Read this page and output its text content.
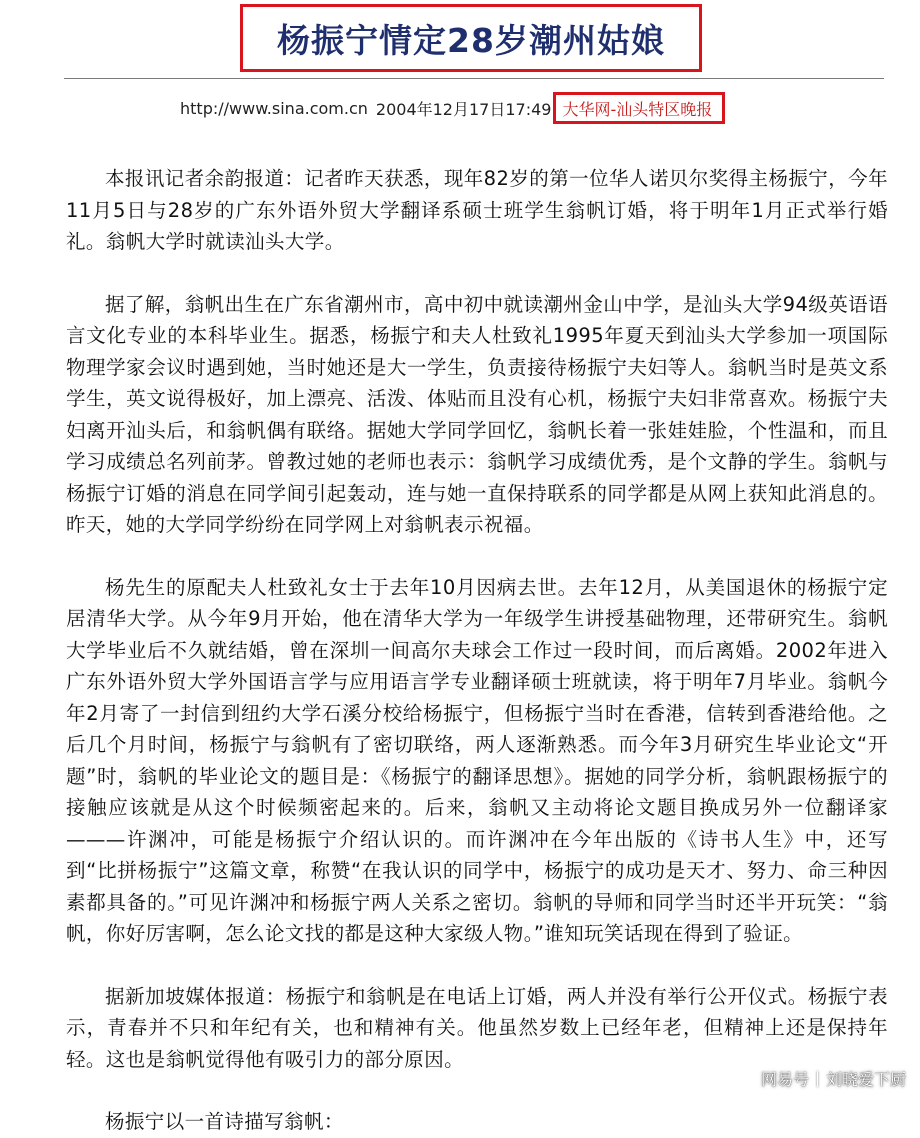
杨振宁情定28岁潮州姑娘
http://www.sina.com.cn 2004年12月17日17:49 大华网-汕头特区晚报

本报讯记者余韵报道：记者昨天获悉，现年82岁的第一位华人诺贝尔奖得主杨振宁，今年11月5日与28岁的广东外语外贸大学翻译系硕士班学生翁帆订婚，将于明年1月正式举行婚礼。翁帆大学时就读汕头大学。

据了解，翁帆出生在广东省潮州市，高中初中就读潮州金山中学，是汕头大学94级英语语言文化专业的本科毕业生。据悉，杨振宁和夫人杜致礼1995年夏天到汕头大学参加一项国际物理学家会议时遇到她，当时她还是大一学生，负责接待杨振宁夫妇等人。翁帆当时是英文系学生，英文说得极好，加上漂亮、活泼、体贴而且没有心机，杨振宁夫妇非常喜欢。杨振宁夫妇离开汕头后，和翁帆偶有联络。据她大学同学回忆，翁帆长着一张娃娃脸，个性温和，而且学习成绩总名列前茅。曾教过她的老师也表示：翁帆学习成绩优秀，是个文静的学生。翁帆与杨振宁订婚的消息在同学间引起轰动，连与她一直保持联系的同学都是从网上获知此消息的。昨天，她的大学同学纷纷在同学网上对翁帆表示祝福。

杨先生的原配夫人杜致礼女士于去年10月因病去世。去年12月，从美国退休的杨振宁定居清华大学。从今年9月开始，他在清华大学为一年级学生讲授基础物理，还带研究生。翁帆大学毕业后不久就结婚，曾在深圳一间高尔夫球会工作过一段时间，而后离婚。2002年进入广东外语外贸大学外国语言学与应用语言学专业翻译硕士班就读，将于明年7月毕业。翁帆今年2月寄了一封信到纽约大学石溪分校给杨振宁，但杨振宁当时在香港，信转到香港给他。之后几个月时间，杨振宁与翁帆有了密切联络，两人逐渐熟悉。而今年3月研究生毕业论文“开题”时，翁帆的毕业论文的题目是：《杨振宁的翻译思想》。据她的同学分析，翁帆跟杨振宁的接触应该就是从这个时候频密起来的。后来，翁帆又主动将论文题目换成另外一位翻译家———许渊冲，可能是杨振宁介绍认识的。而许渊冲在今年出版的《诗书人生》中，还写到“比拼杨振宁”这篇文章，称赞“在我认识的同学中，杨振宁的成功是天才、努力、命三种因素都具备的。”可见许渊冲和杨振宁两人关系之密切。翁帆的导师和同学当时还半开玩笑：“翁帆，你好厉害啊，怎么论文找的都是这种大家级人物。”谁知玩笑话现在得到了验证。

据新加坡媒体报道：杨振宁和翁帆是在电话上订婚，两人并没有举行公开仪式。杨振宁表示，青春并不只和年纪有关，也和精神有关。他虽然岁数上已经年老，但精神上还是保持年轻。这也是翁帆觉得他有吸引力的部分原因。

杨振宁以一首诗描写翁帆：

网易号 刘晓爱下厨
